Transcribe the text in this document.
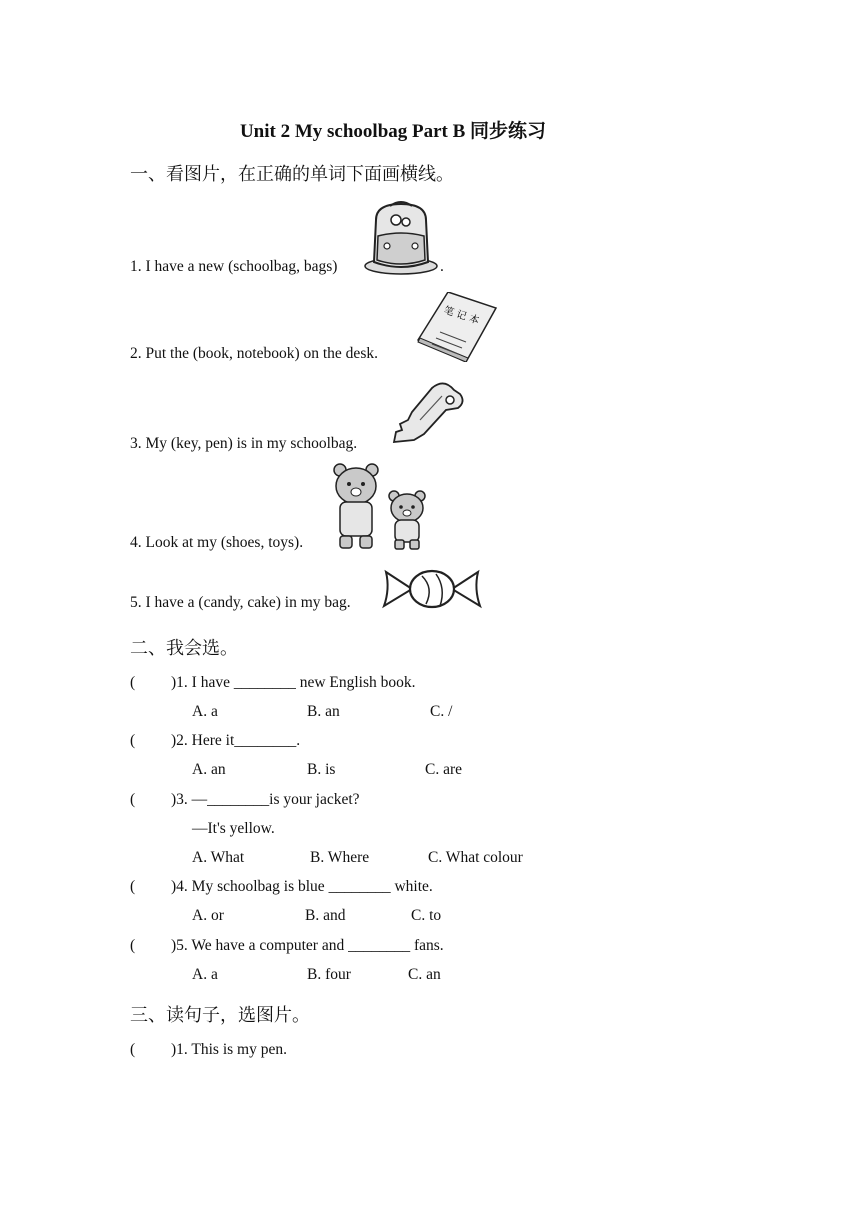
Unit 2 My schoolbag Part B 同步练习
一、看图片，在正确的单词下面画横线。
1. I have a new (schoolbag, bags)	.
2. Put the (book, notebook) on the desk.
笔 记 本
3. My (key, pen) is in my schoolbag.
4. Look at my (shoes, toys).
5. I have a (candy, cake) in my bag.
二、我会选。
( )1. I have ________ new English book.
A. a	B. an	C. /
( )2. Here it________.
A. an	B. is	C. are
( )3. —________is your jacket?
—It's yellow.
A. What	B. Where	C. What colour
( )4. My schoolbag is blue ________ white.
A. or	B. and	C. to
( )5. We have a computer and ________ fans.
A. a	B. four	C. an
三、读句子，选图片。
( )1. This is my pen.
